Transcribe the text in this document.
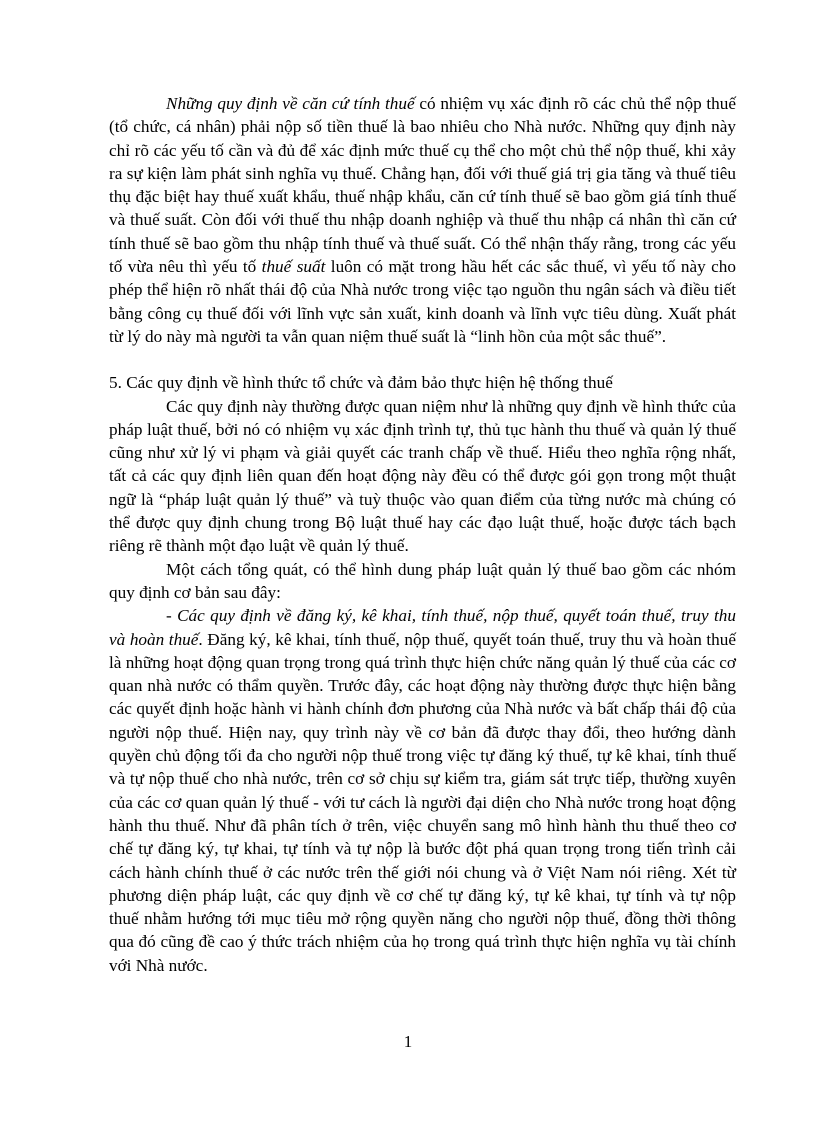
Những quy định về căn cứ tính thuế có nhiệm vụ xác định rõ các chủ thể nộp thuế (tổ chức, cá nhân) phải nộp số tiền thuế là bao nhiêu cho Nhà nước. Những quy định này chỉ rõ các yếu tố cần và đủ để xác định mức thuế cụ thể cho một chủ thể nộp thuế, khi xảy ra sự kiện làm phát sinh nghĩa vụ thuế. Chẳng hạn, đối với thuế giá trị gia tăng và thuế tiêu thụ đặc biệt hay thuế xuất khẩu, thuế nhập khẩu, căn cứ tính thuế sẽ bao gồm giá tính thuế và thuế suất. Còn đối với thuế thu nhập doanh nghiệp và thuế thu nhập cá nhân thì căn cứ tính thuế sẽ bao gồm thu nhập tính thuế và thuế suất. Có thể nhận thấy rằng, trong các yếu tố vừa nêu thì yếu tố thuế suất luôn có mặt trong hầu hết các sắc thuế, vì yếu tố này cho phép thể hiện rõ nhất thái độ của Nhà nước trong việc tạo nguồn thu ngân sách và điều tiết bằng công cụ thuế đối với lĩnh vực sản xuất, kinh doanh và lĩnh vực tiêu dùng. Xuất phát từ lý do này mà người ta vẫn quan niệm thuế suất là “linh hồn của một sắc thuế”.

5. Các quy định về hình thức tổ chức và đảm bảo thực hiện hệ thống thuế

Các quy định này thường được quan niệm như là những quy định về hình thức của pháp luật thuế, bởi nó có nhiệm vụ xác định trình tự, thủ tục hành thu thuế và quản lý thuế cũng như xử lý vi phạm và giải quyết các tranh chấp về thuế. Hiểu theo nghĩa rộng nhất, tất cả các quy định liên quan đến hoạt động này đều có thể được gói gọn trong một thuật ngữ là “pháp luật quản lý thuế” và tuỳ thuộc vào quan điểm của từng nước mà chúng có thể được quy định chung trong Bộ luật thuế hay các đạo luật thuế, hoặc được tách bạch riêng rẽ thành một đạo luật về quản lý thuế.

Một cách tổng quát, có thể hình dung pháp luật quản lý thuế bao gồm các nhóm quy định cơ bản sau đây:

- Các quy định về đăng ký, kê khai, tính thuế, nộp thuế, quyết toán thuế, truy thu và hoàn thuế. Đăng ký, kê khai, tính thuế, nộp thuế, quyết toán thuế, truy thu và hoàn thuế là những hoạt động quan trọng trong quá trình thực hiện chức năng quản lý thuế của các cơ quan nhà nước có thẩm quyền. Trước đây, các hoạt động này thường được thực hiện bằng các quyết định hoặc hành vi hành chính đơn phương của Nhà nước và bất chấp thái độ của người nộp thuế. Hiện nay, quy trình này về cơ bản đã được thay đổi, theo hướng dành quyền chủ động tối đa cho người nộp thuế trong việc tự đăng ký thuế, tự kê khai, tính thuế và tự nộp thuế cho nhà nước, trên cơ sở chịu sự kiểm tra, giám sát trực tiếp, thường xuyên của các cơ quan quản lý thuế - với tư cách là người đại diện cho Nhà nước trong hoạt động hành thu thuế. Như đã phân tích ở trên, việc chuyển sang mô hình hành thu thuế theo cơ chế tự đăng ký, tự khai, tự tính và tự nộp là bước đột phá quan trọng trong tiến trình cải cách hành chính thuế ở các nước trên thế giới nói chung và ở Việt Nam nói riêng. Xét từ phương diện pháp luật, các quy định về cơ chế tự đăng ký, tự kê khai, tự tính và tự nộp thuế nhằm hướng tới mục tiêu mở rộng quyền năng cho người nộp thuế, đồng thời thông qua đó cũng đề cao ý thức trách nhiệm của họ trong quá trình thực hiện nghĩa vụ tài chính với Nhà nước.

1
